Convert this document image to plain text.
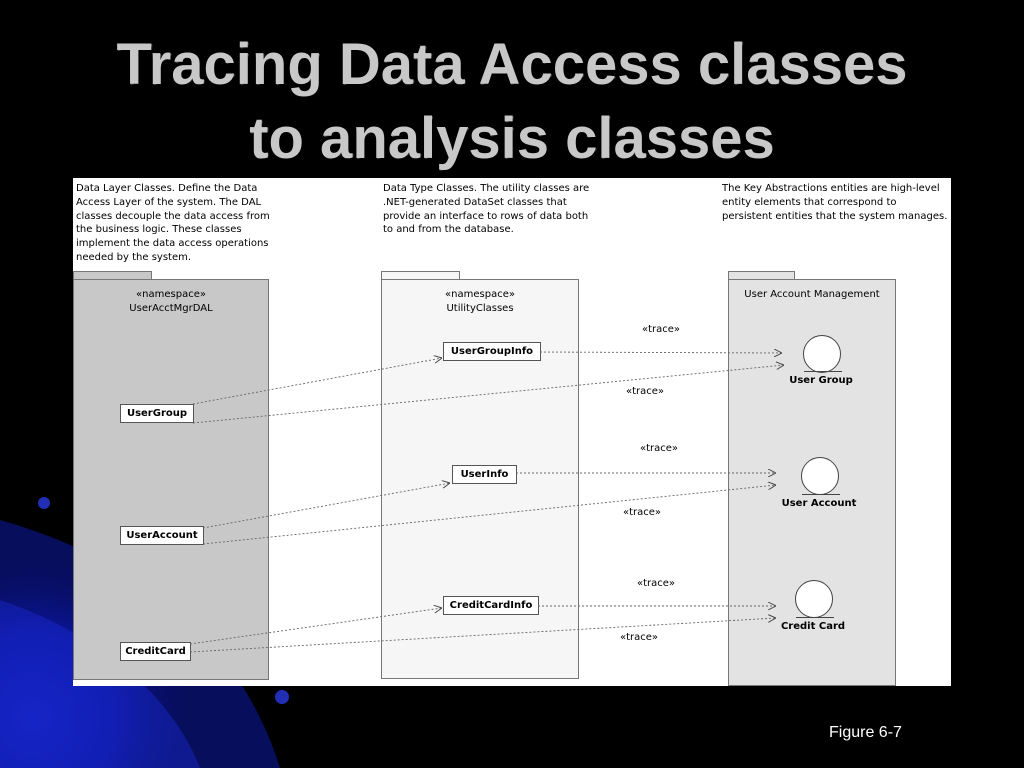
Tracing Data Access classes
to analysis classes
Data Layer Classes. Define the Data Access Layer of the system. The DAL classes decouple the data access from the business logic. These classes implement the data access operations needed by the system.
Data Type Classes. The utility classes are .NET-generated DataSet classes that provide an interface to rows of data both to and from the database.
The Key Abstractions entities are high-level entity elements that correspond to persistent entities that the system manages.
«namespace»
UserAcctMgrDAL
«namespace»
UtilityClasses
User Account Management
UserGroup
UserAccount
CreditCard
UserGroupInfo
UserInfo
CreditCardInfo
User Group
User Account
Credit Card
«trace»
«trace»
«trace»
«trace»
«trace»
«trace»
Figure 6-7
